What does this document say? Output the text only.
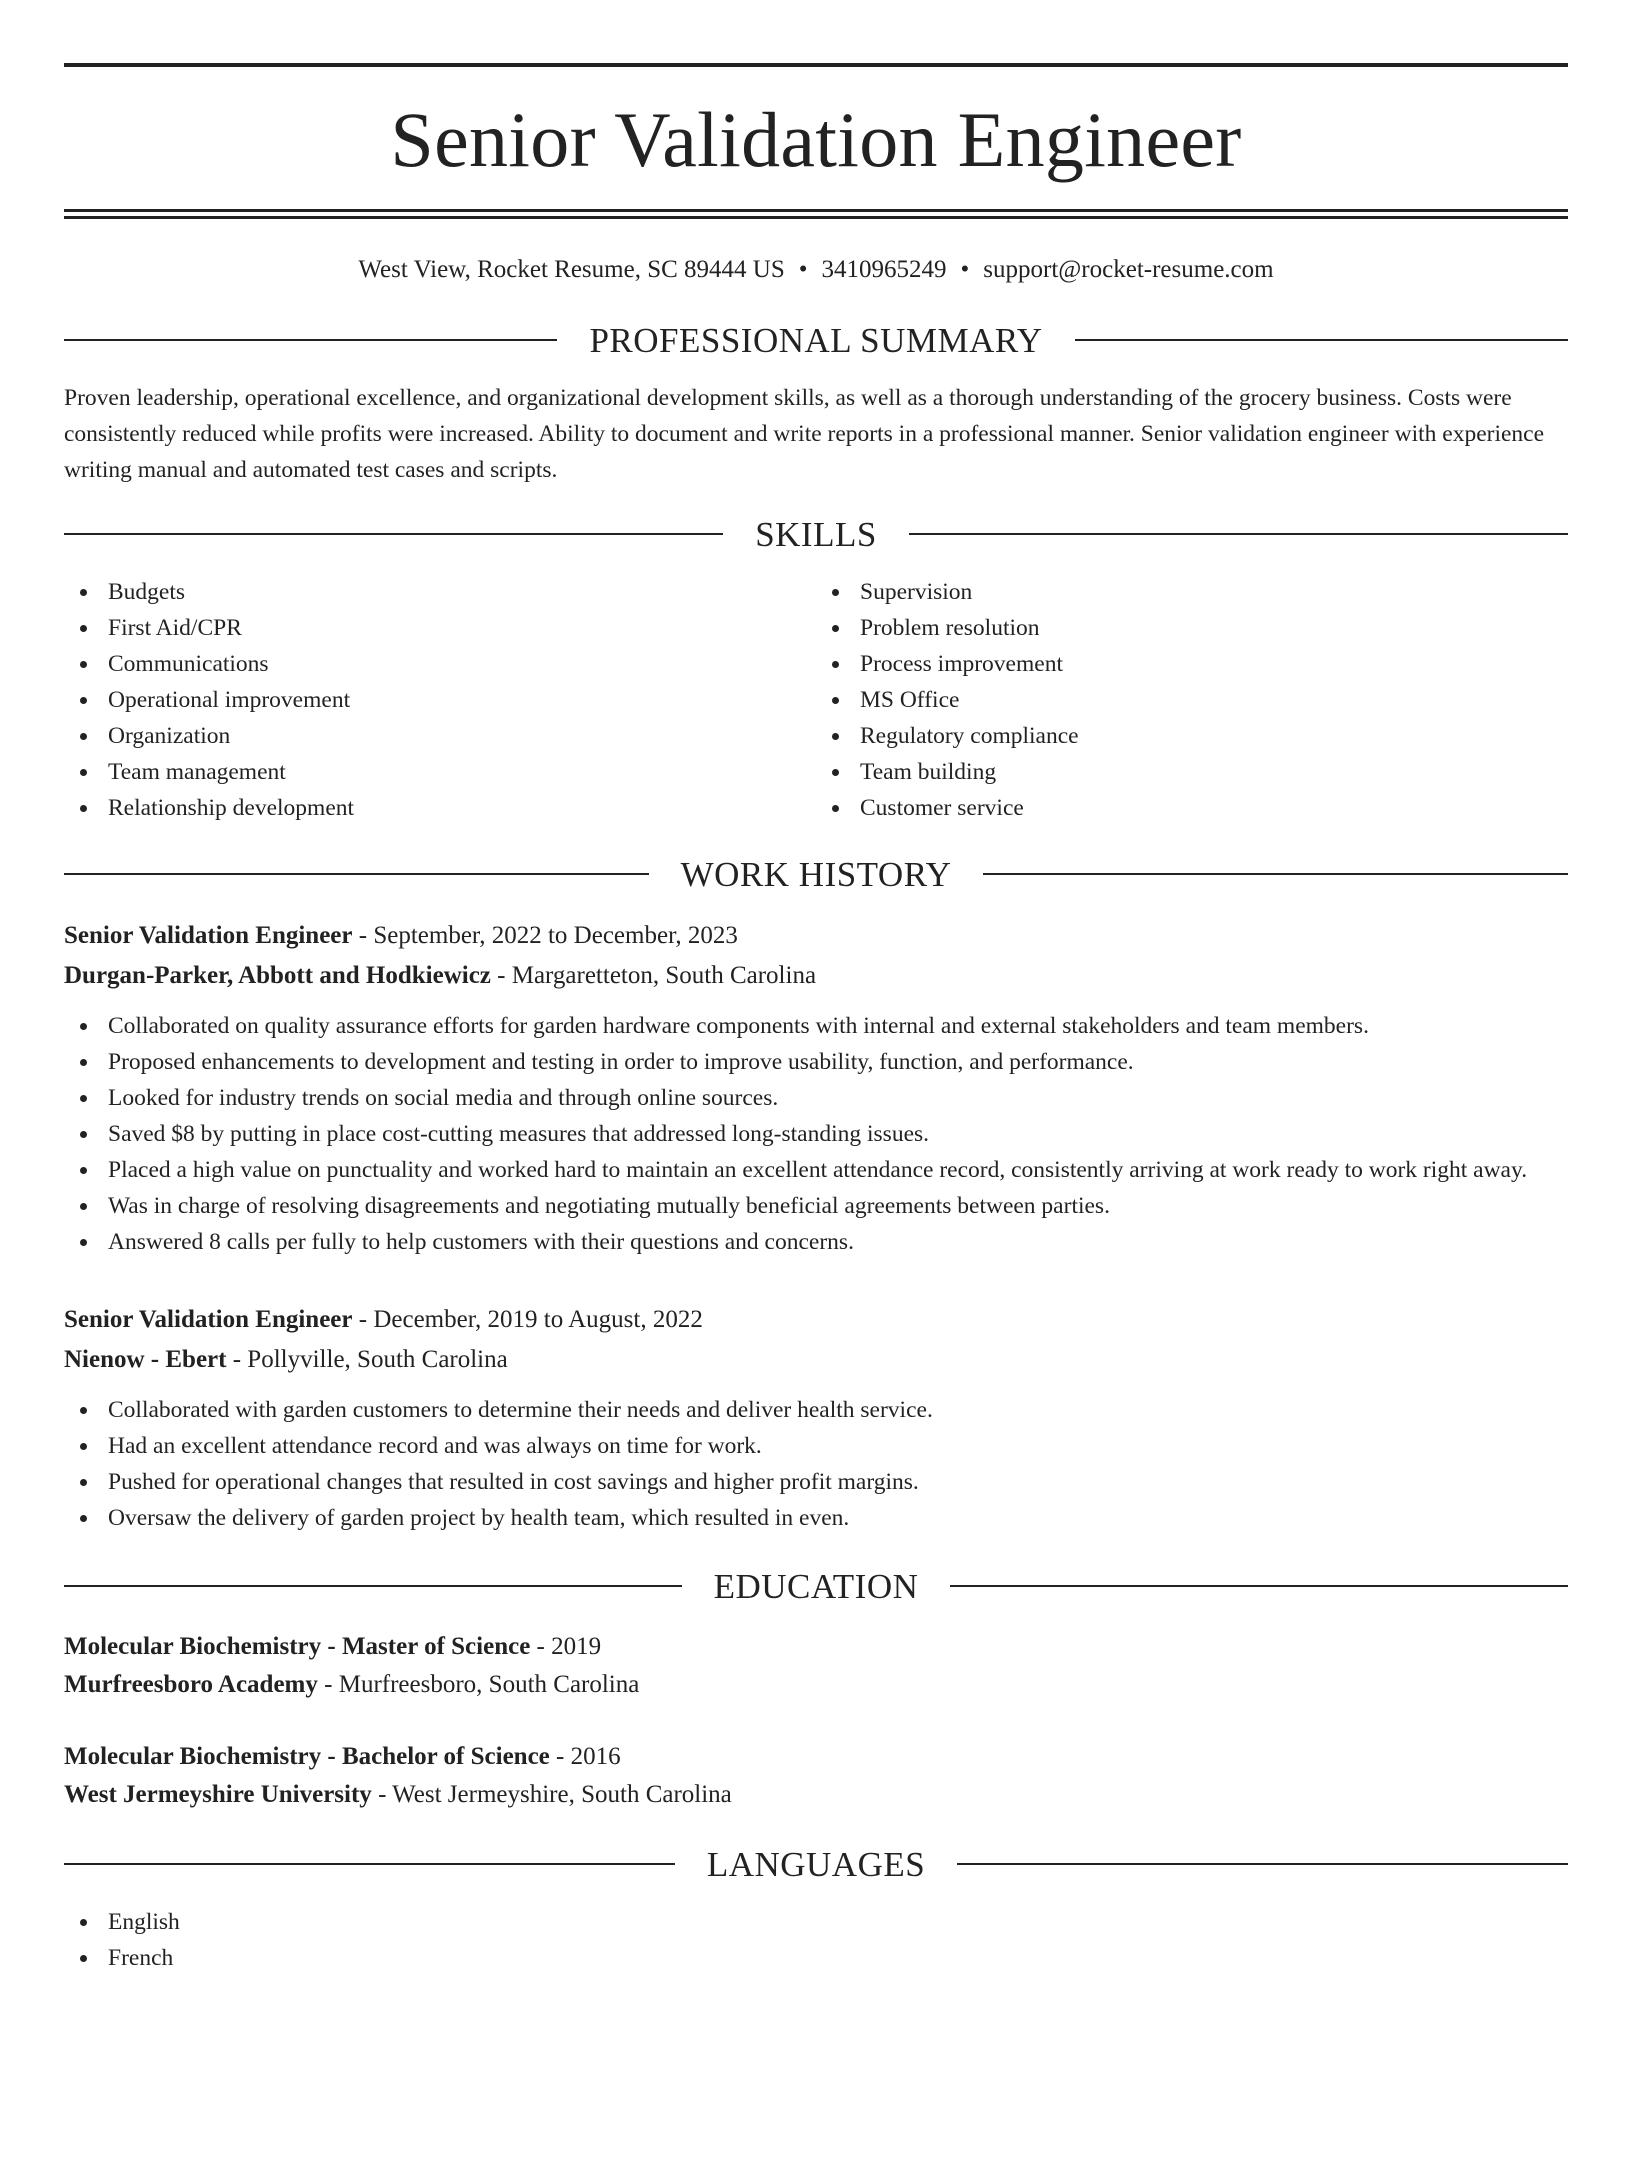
Senior Validation Engineer
West View, Rocket Resume, SC 89444 US • 3410965249 • support@rocket-resume.com
PROFESSIONAL SUMMARY

Proven leadership, operational excellence, and organizational development skills, as well as a thorough understanding of the grocery business. Costs were consistently reduced while profits were increased. Ability to document and write reports in a professional manner. Senior validation engineer with experience writing manual and automated test cases and scripts.

SKILLS
Budgets
First Aid/CPR
Communications
Operational improvement
Organization
Team management
Relationship development
Supervision
Problem resolution
Process improvement
MS Office
Regulatory compliance
Team building
Customer service
WORK HISTORY
Senior Validation Engineer - September, 2022 to December, 2023
Durgan-Parker, Abbott and Hodkiewicz - Margaretteton, South Carolina
Collaborated on quality assurance efforts for garden hardware components with internal and external stakeholders and team members.
Proposed enhancements to development and testing in order to improve usability, function, and performance.
Looked for industry trends on social media and through online sources.
Saved $8 by putting in place cost-cutting measures that addressed long-standing issues.
Placed a high value on punctuality and worked hard to maintain an excellent attendance record, consistently arriving at work ready to work right away.
Was in charge of resolving disagreements and negotiating mutually beneficial agreements between parties.
Answered 8 calls per fully to help customers with their questions and concerns.
Senior Validation Engineer - December, 2019 to August, 2022
Nienow - Ebert - Pollyville, South Carolina
Collaborated with garden customers to determine their needs and deliver health service.
Had an excellent attendance record and was always on time for work.
Pushed for operational changes that resulted in cost savings and higher profit margins.
Oversaw the delivery of garden project by health team, which resulted in even.
EDUCATION
Molecular Biochemistry - Master of Science - 2019
Murfreesboro Academy - Murfreesboro, South Carolina
Molecular Biochemistry - Bachelor of Science - 2016
West Jermeyshire University - West Jermeyshire, South Carolina
LANGUAGES
English
French
